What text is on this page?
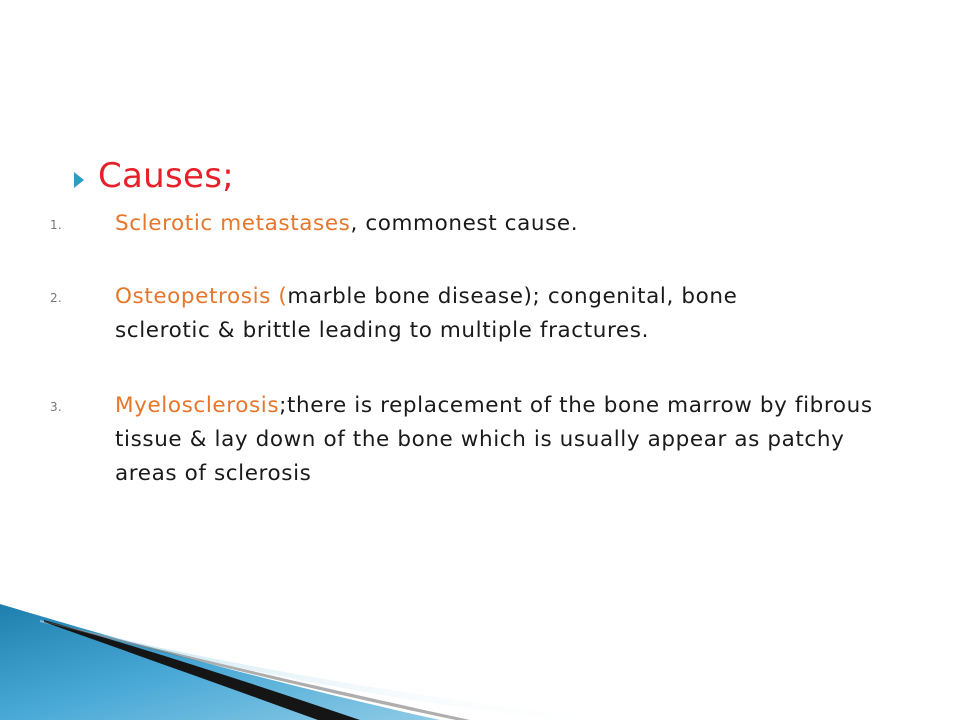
Causes;
1.	Sclerotic metastases, commonest cause.
2.	Osteopetrosis (marble bone disease); congenital, bone sclerotic & brittle leading to multiple fractures.
3.	Myelosclerosis;there is replacement of the bone marrow by fibrous tissue & lay down of the bone which is usually appear as patchy areas of sclerosis
